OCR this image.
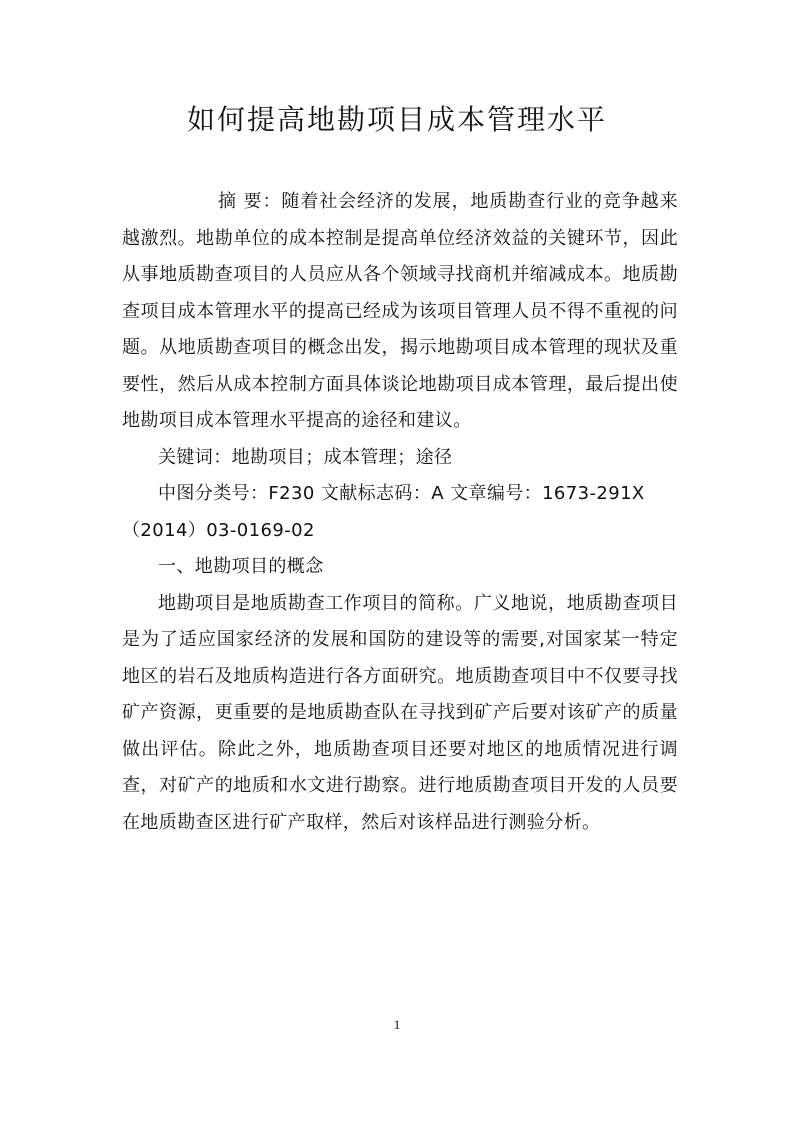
如何提高地勘项目成本管理水平

摘 要：随着社会经济的发展，地质勘查行业的竞争越来越激烈。地勘单位的成本控制是提高单位经济效益的关键环节，因此从事地质勘查项目的人员应从各个领域寻找商机并缩减成本。地质勘查项目成本管理水平的提高已经成为该项目管理人员不得不重视的问题。从地质勘查项目的概念出发，揭示地勘项目成本管理的现状及重要性，然后从成本控制方面具体谈论地勘项目成本管理，最后提出使地勘项目成本管理水平提高的途径和建议。

关键词：地勘项目；成本管理；途径

中图分类号：F230 文献标志码：A 文章编号：1673-291X

（2014）03-0169-02

一、地勘项目的概念

地勘项目是地质勘查工作项目的简称。广义地说，地质勘查项目是为了适应国家经济的发展和国防的建设等的需要,对国家某一特定地区的岩石及地质构造进行各方面研究。地质勘查项目中不仅要寻找矿产资源，更重要的是地质勘查队在寻找到矿产后要对该矿产的质量做出评估。除此之外，地质勘查项目还要对地区的地质情况进行调查，对矿产的地质和水文进行勘察。进行地质勘查项目开发的人员要在地质勘查区进行矿产取样，然后对该样品进行测验分析。

1
